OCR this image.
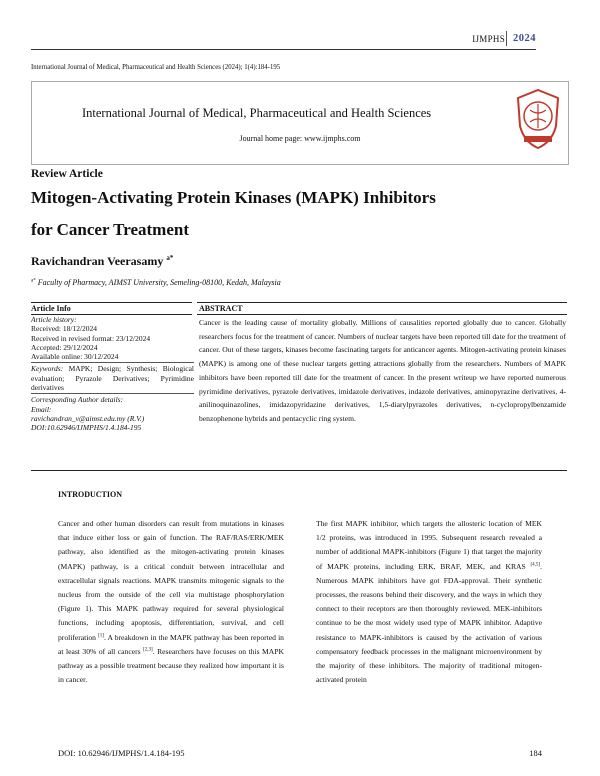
IJMPHS 2024
International Journal of Medical, Pharmaceutical and Health Sciences (2024); 1(4):184-195
International Journal of Medical, Pharmaceutical and Health Sciences
Journal home page: www.ijmphs.com
Review Article
Mitogen-Activating Protein Kinases (MAPK) Inhibitors
for Cancer Treatment
Ravichandran Veerasamy $^{a*}$
$^{a*}$ Faculty of Pharmacy, AIMST University, Semeling-08100, Kedah, Malaysia
Article Info
Article history:
Received: 18/12/2024
Received in revised format: 23/12/2024
Accepted: 29/12/2024
Available online: 30/12/2024
Keywords: MAPK; Design; Synthesis; Biological evaluation; Pyrazole Derivatives; Pyrimidine derivatives
Corresponding Author details:
Email:
ravichandran_v@aimst.edu.my (R.V.)
DOI:10.62946/IJMPHS/1.4.184-195
ABSTRACT
Cancer is the leading cause of mortality globally. Millions of causalities reported globally due to cancer. Globally researchers focus for the treatment of cancer. Numbers of nuclear targets have been reported till date for the treatment of cancer. Out of these targets, kinases become fascinating targets for anticancer agents. Mitogen-activating protein kinases (MAPK) is among one of these nuclear targets getting attractions globally from the researchers. Numbers of MAPK inhibitors have been reported till date for the treatment of cancer. In the present writeup we have reported numerous pyrimidine derivatives, pyrazole derivatives, imidazole derivatives, indazole derivatives, aminopyrazine derivatives, 4-anilinoquinazolines, imidazopyridazine derivatives, 1,5-diarylpyrazoles derivatives, n-cyclopropylbenzamide benzophenone hybrids and pentacyclic ring system.
INTRODUCTION
Cancer and other human disorders can result from mutations in kinases that induce either loss or gain of function. The RAF/RAS/ERK/MEK pathway, also identified as the mitogen-activating protein kinases (MAPK) pathway, is a critical conduit between intracellular and extracellular signals reactions. MAPK transmits mitogenic signals to the nucleus from the outside of the cell via multistage phosphorylation (Figure 1). This MAPK pathway required for several physiological functions, including apoptosis, differentiation, survival, and cell proliferation [1]. A breakdown in the MAPK pathway has been reported in at least 30% of all cancers [2,3]. Researchers have focuses on this MAPK pathway as a possible treatment because they realized how important it is in cancer.
The first MAPK inhibitor, which targets the allosteric location of MEK 1/2 proteins, was introduced in 1995. Subsequent research revealed a number of additional MAPK-inhibitors (Figure 1) that target the majority of MAPK proteins, including ERK, BRAF, MEK, and KRAS [4,5]. Numerous MAPK inhibitors have got FDA-approval. Their synthetic processes, the reasons behind their discovery, and the ways in which they connect to their receptors are then thoroughly reviewed. MEK-inhibitors continue to be the most widely used type of MAPK inhibitor. Adaptive resistance to MAPK-inhibitors is caused by the activation of various compensatory feedback processes in the malignant microenvironment by the majority of these inhibitors. The majority of traditional mitogen-activated protein
DOI: 10.62946/IJMPHS/1.4.184-195	184
